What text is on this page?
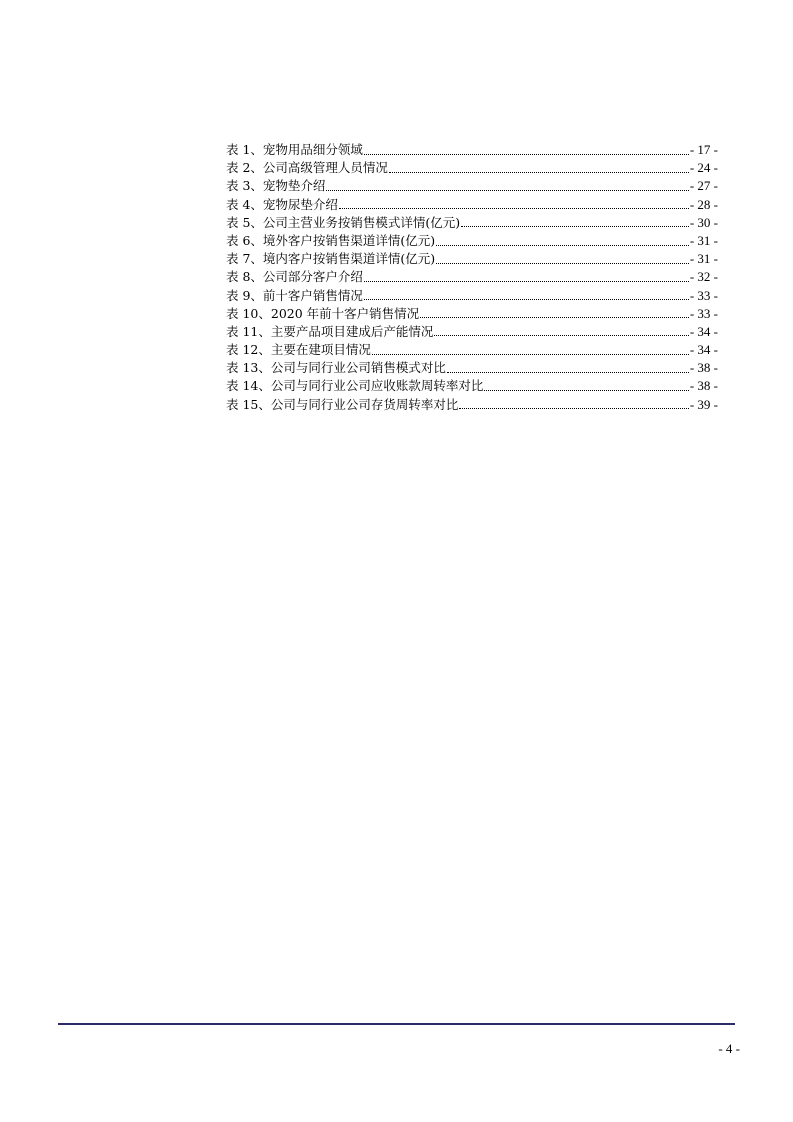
表 1、宠物用品细分领域	- 17 -
表 2、公司高级管理人员情况	- 24 -
表 3、宠物垫介绍	- 27 -
表 4、宠物尿垫介绍	- 28 -
表 5、公司主营业务按销售模式详情(亿元)	- 30 -
表 6、境外客户按销售渠道详情(亿元)	- 31 -
表 7、境内客户按销售渠道详情(亿元)	- 31 -
表 8、公司部分客户介绍	- 32 -
表 9、前十客户销售情况	- 33 -
表 10、2020 年前十客户销售情况	- 33 -
表 11、主要产品项目建成后产能情况	- 34 -
表 12、主要在建项目情况	- 34 -
表 13、公司与同行业公司销售模式对比	- 38 -
表 14、公司与同行业公司应收账款周转率对比	- 38 -
表 15、公司与同行业公司存货周转率对比	- 39 -
- 4 -
